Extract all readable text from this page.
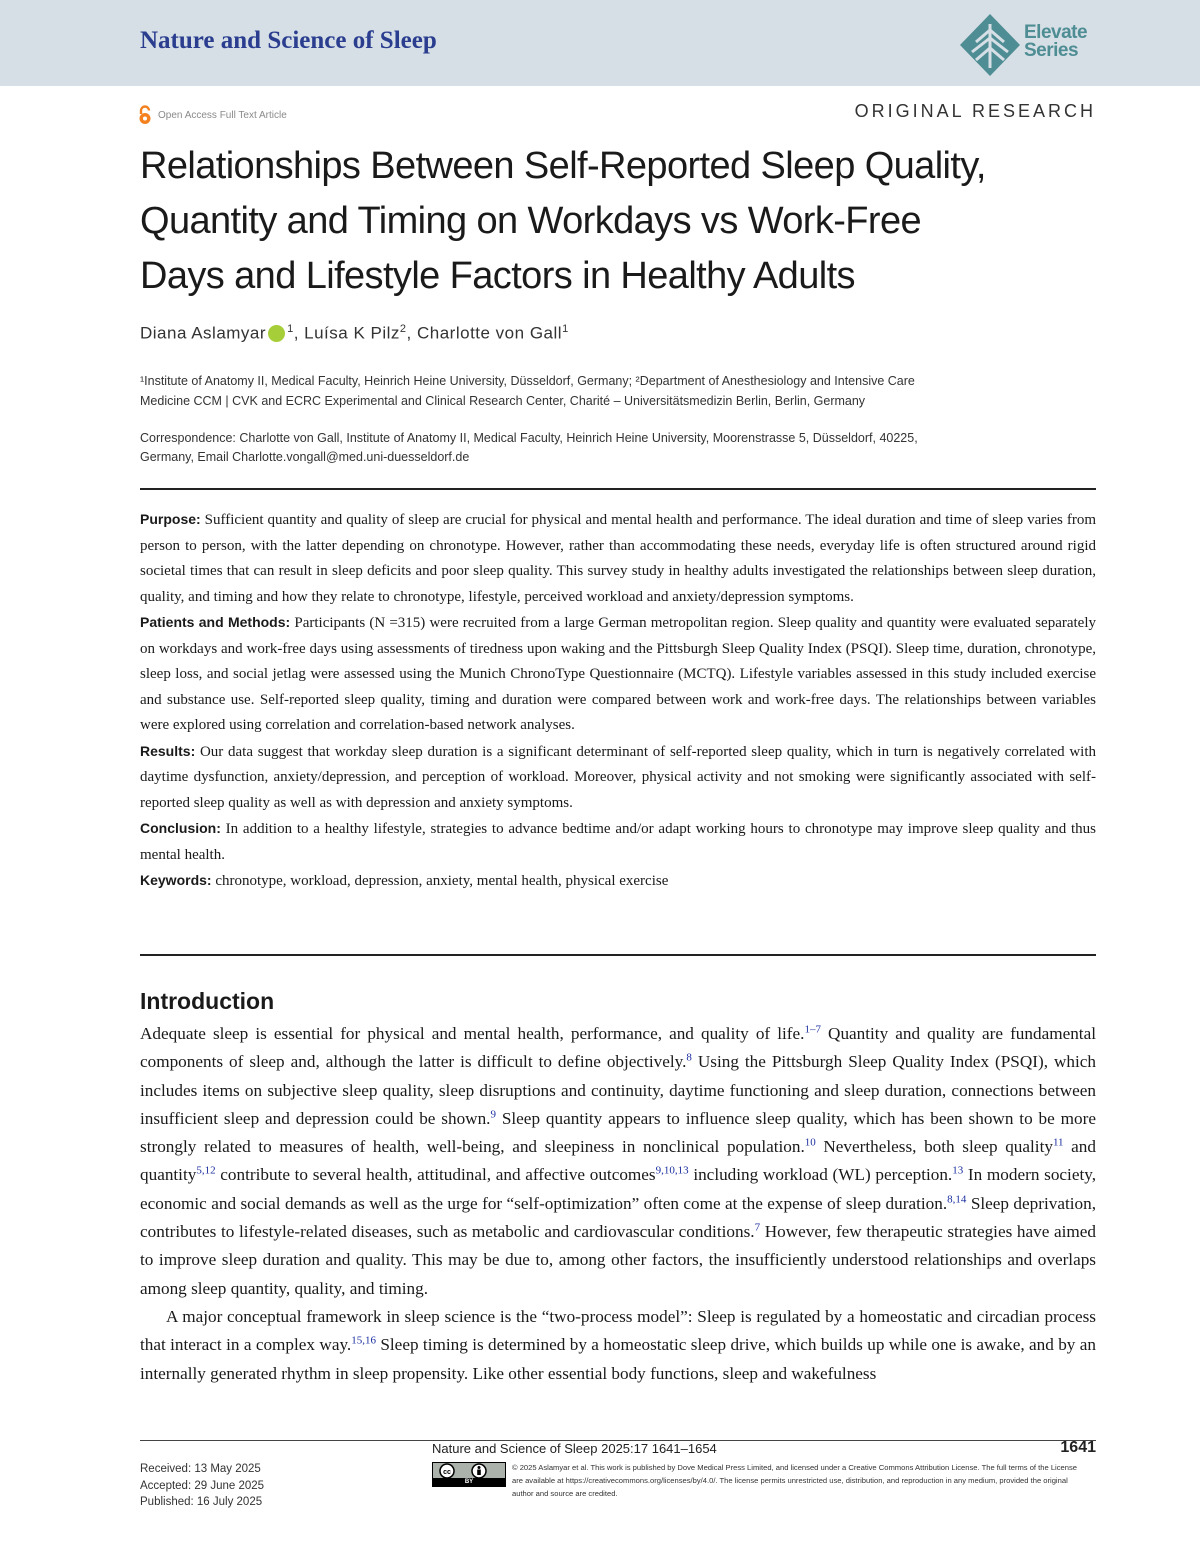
Nature and Science of Sleep	Elevate
Series
Open Access Full Text Article	ORIGINAL RESEARCH
Relationships Between Self-Reported Sleep Quality,
Quantity and Timing on Workdays vs Work-Free
Days and Lifestyle Factors in Healthy Adults
Diana Aslamyar $^1$, Luísa K Pilz$^2$, Charlotte von Gall$^1$
¹Institute of Anatomy II, Medical Faculty, Heinrich Heine University, Düsseldorf, Germany; ²Department of Anesthesiology and Intensive Care
Medicine CCM | CVK and ECRC Experimental and Clinical Research Center, Charité – Universitätsmedizin Berlin, Berlin, Germany
Correspondence: Charlotte von Gall, Institute of Anatomy II, Medical Faculty, Heinrich Heine University, Moorenstrasse 5, Düsseldorf, 40225,
Germany, Email Charlotte.vongall@med.uni-duesseldorf.de

Purpose: Sufficient quantity and quality of sleep are crucial for physical and mental health and performance. The ideal duration and time of sleep varies from person to person, with the latter depending on chronotype. However, rather than accommodating these needs, everyday life is often structured around rigid societal times that can result in sleep deficits and poor sleep quality. This survey study in healthy adults investigated the relationships between sleep duration, quality, and timing and how they relate to chronotype, lifestyle, perceived workload and anxiety/depression symptoms.

Patients and Methods: Participants (N =315) were recruited from a large German metropolitan region. Sleep quality and quantity were evaluated separately on workdays and work-free days using assessments of tiredness upon waking and the Pittsburgh Sleep Quality Index (PSQI). Sleep time, duration, chronotype, sleep loss, and social jetlag were assessed using the Munich ChronoType Questionnaire (MCTQ). Lifestyle variables assessed in this study included exercise and substance use. Self-reported sleep quality, timing and duration were compared between work and work-free days. The relationships between variables were explored using correlation and correlation-based network analyses.

Results: Our data suggest that workday sleep duration is a significant determinant of self-reported sleep quality, which in turn is negatively correlated with daytime dysfunction, anxiety/depression, and perception of workload. Moreover, physical activity and not smoking were significantly associated with self-reported sleep quality as well as with depression and anxiety symptoms.

Conclusion: In addition to a healthy lifestyle, strategies to advance bedtime and/or adapt working hours to chronotype may improve sleep quality and thus mental health.

Keywords: chronotype, workload, depression, anxiety, mental health, physical exercise

Introduction

Adequate sleep is essential for physical and mental health, performance, and quality of life.$^{1-7}$ Quantity and quality are fundamental components of sleep and, although the latter is difficult to define objectively.$^8$ Using the Pittsburgh Sleep Quality Index (PSQI), which includes items on subjective sleep quality, sleep disruptions and continuity, daytime functioning and sleep duration, connections between insufficient sleep and depression could be shown.$^9$ Sleep quantity appears to influence sleep quality, which has been shown to be more strongly related to measures of health, well-being, and sleepiness in nonclinical population.$^{10}$ Nevertheless, both sleep quality$^{11}$ and quantity$^{5,12}$ contribute to several health, attitudinal, and affective outcomes$^{9,10,13}$ including workload (WL) perception.$^{13}$ In modern society, economic and social demands as well as the urge for “self-optimization” often come at the expense of sleep duration.$^{8,14}$ Sleep deprivation, contributes to lifestyle-related diseases, such as metabolic and cardiovascular conditions.$^7$ However, few therapeutic strategies have aimed to improve sleep duration and quality. This may be due to, among other factors, the insufficiently understood relationships and overlaps among sleep quantity, quality, and timing.

A major conceptual framework in sleep science is the “two-process model”: Sleep is regulated by a homeostatic and circadian process that interact in a complex way.$^{15,16}$ Sleep timing is determined by a homeostatic sleep drive, which builds up while one is awake, and by an internally generated rhythm in sleep propensity. Like other essential body functions, sleep and wakefulness

Received: 13 May 2025
Accepted: 29 June 2025
Published: 16 July 2025
Nature and Science of Sleep 2025:17 1641–1654	1641
cc
BY
© 2025 Aslamyar et al. This work is published by Dove Medical Press Limited, and licensed under a Creative Commons Attribution License. The full terms of the License
are available at https://creativecommons.org/licenses/by/4.0/. The license permits unrestricted use, distribution, and reproduction in any medium, provided the original
author and source are credited.
